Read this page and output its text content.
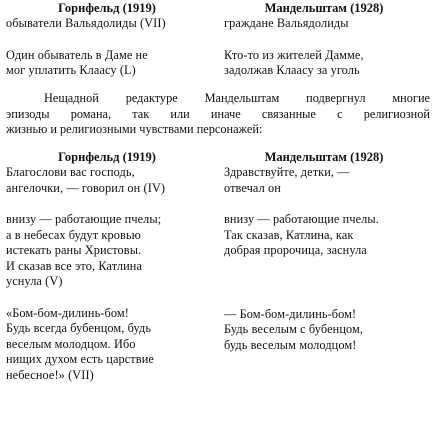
Горнфельд (1919)
обыватели Вальядолиды (VII)
Один обыватель в Даме не
мог уплатить Клаасу (L)
Мандельштам (1928)
граждане Вальядолиды
Кто-то из жителей Дамме,
задолжав Клаасу за уголь
Нещадной редактуре Мандельштам подвергнул многие
эпизоды романа, так или иначе связанные с религиозной
жизнью и религиозными чувствами персонажей:
Горнфельд (1919)
Благослови вас господь,
ангелочки, — говорил он (IV)
внизу — работающие пчелы;
а в небесах будут кровью
истекать раны Христовы.
И сказав все это, Катлина
уснула (V)
«Бом-бом-дилинь-бом!
Будь всегда бубенцом, будь
веселым молодцом. Ибо
нищих духом есть царствие
небесное!» (VII)
Мандельштам (1928)
Здравствуйте, детки, —
отвечал он
внизу — работающие пчелы.
Так сказав, Катлина, как
добрая пророчица, заснула
— Бом-бом-дилинь-бом!
Будь веселым с бубенцом,
будь веселым молодцом!
